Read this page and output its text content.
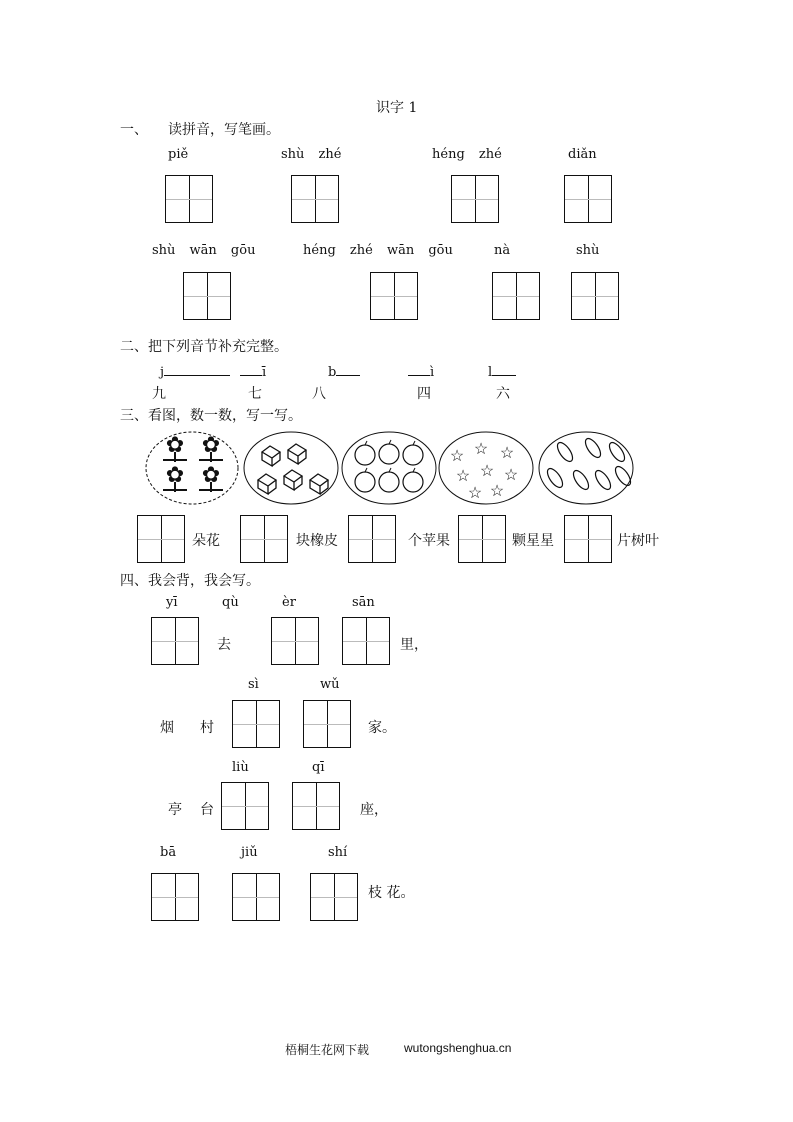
识字 1
一、 读拼音，写笔画。
piě	shù zhé	héng zhé	diǎn
shù wān gōu	héng zhé wān gōu	nà	shù
二、把下列音节补充完整。
j	ī	b	ì	l
九	七	八	四	六
三、看图，数一数，写一写。
✿ ✿
✿ ✿
☆ ☆ ☆
☆ ☆ ☆
☆ ☆
朵花	块橡皮	个苹果	颗星星	片树叶
四、我会背，我会写。
yī	qù	èr	sān
去	里，
sì	wǔ
烟 村	家。
liù	qī
亭 台	座，
bā	jiǔ	shí
枝 花。
梧桐生花网下载	wutongshenghua.cn
